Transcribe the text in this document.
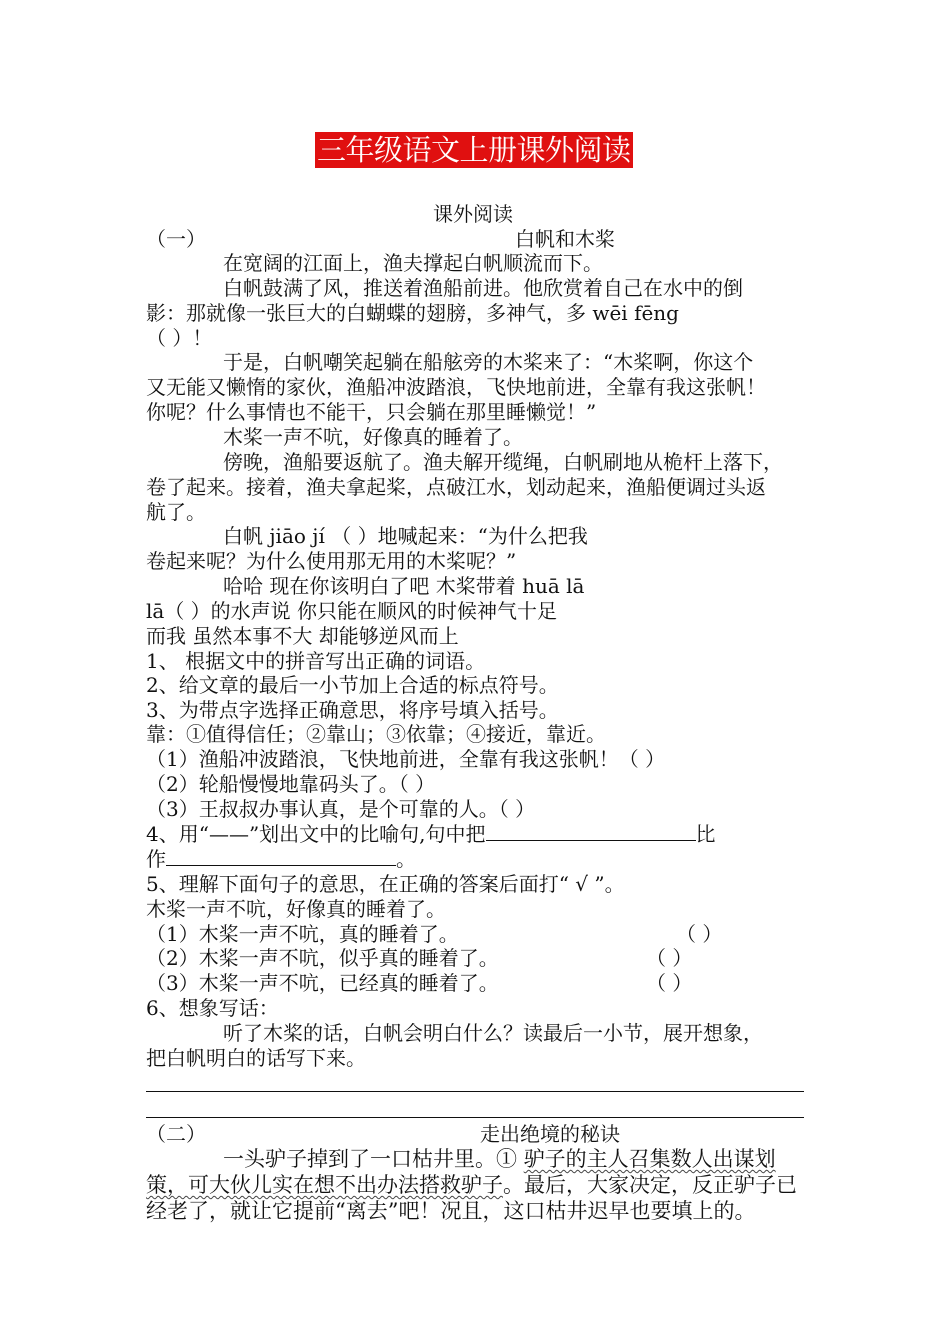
三年级语文上册课外阅读
课外阅读
（一）	白帆和木桨
在宽阔的江面上，渔夫撑起白帆顺流而下。
白帆鼓满了风，推送着渔船前进。他欣赏着自己在水中的倒
影：那就像一张巨大的白蝴蝶的翅膀，多神气，多 wēi fēng
（ ）！
于是，白帆嘲笑起躺在船舷旁的木桨来了：“木桨啊，你这个
又无能又懒惰的家伙，渔船冲波踏浪，飞快地前进，全靠有我这张帆！
你呢？什么事情也不能干，只会躺在那里睡懒觉！”
木桨一声不吭，好像真的睡着了。
傍晚，渔船要返航了。渔夫解开缆绳，白帆刷地从桅杆上落下，
卷了起来。接着，渔夫拿起桨，点破江水，划动起来，渔船便调过头返
航了。
白帆 jiāo jí （ ）地喊起来：“为什么把我
卷起来呢？为什么使用那无用的木桨呢？”
哈哈 现在你该明白了吧 木桨带着 huā lā
lā（ ）的水声说 你只能在顺风的时候神气十足
而我 虽然本事不大 却能够逆风而上
1、 根据文中的拼音写出正确的词语。
2、给文章的最后一小节加上合适的标点符号。
3、为带点字选择正确意思，将序号填入括号。
靠：①值得信任；②靠山；③依靠；④接近，靠近。
（1）渔船冲波踏浪，飞快地前进，全靠有我这张帆！（ ）
（2）轮船慢慢地靠码头了。（ ）
（3）王叔叔办事认真，是个可靠的人。（ ）
4、用“——”划出文中的比喻句,句中把	比
作	。
5、理解下面句子的意思，在正确的答案后面打“ √ ”。
木桨一声不吭，好像真的睡着了。
（1）木桨一声不吭，真的睡着了。	（ ）
（2）木桨一声不吭，似乎真的睡着了。	（ ）
（3）木桨一声不吭，已经真的睡着了。	（ ）
6、想象写话：
听了木桨的话，白帆会明白什么？读最后一小节，展开想象，
把白帆明白的话写下来。
（二）	走出绝境的秘诀
一头驴子掉到了一口枯井里。① 驴子的主人召集数人出谋划
策，可大伙儿实在想不出办法搭救驴子。最后，大家决定，反正驴子已
经老了，就让它提前“离去”吧！况且，这口枯井迟早也要填上的。
